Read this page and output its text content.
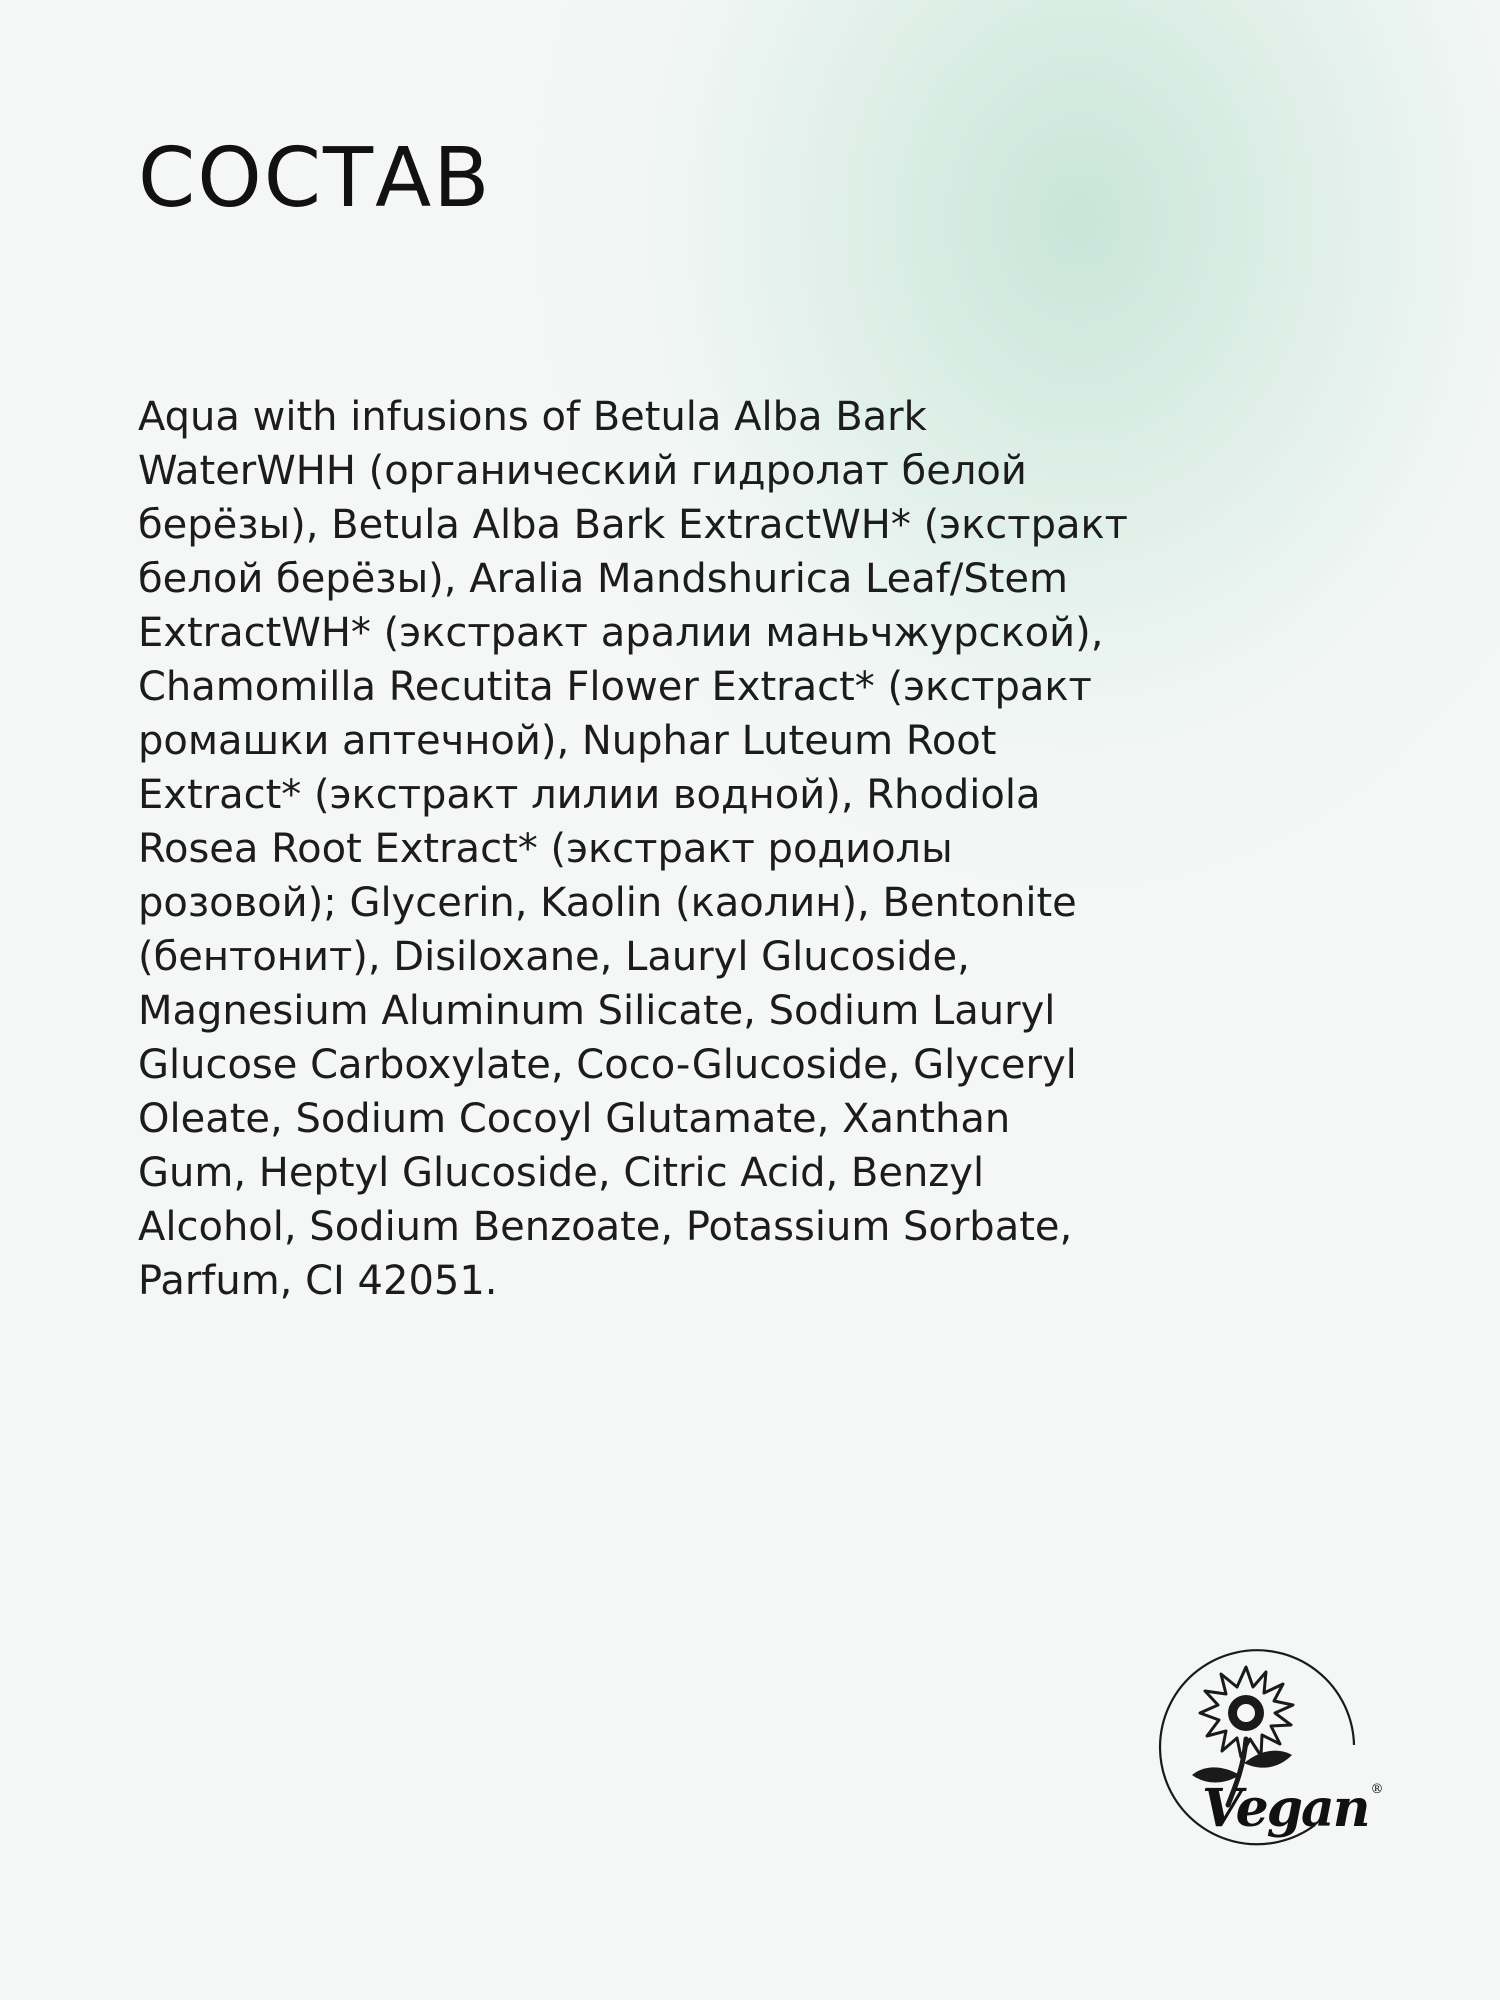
СОСТАВ

Aqua with infusions of Betula Alba Bark
WaterWHH (органический гидролат белой
берёзы), Betula Alba Bark ExtractWH* (экстракт
белой берёзы), Aralia Mandshurica Leaf/Stem
ExtractWH* (экстракт аралии маньчжурской),
Chamomilla Recutita Flower Extract* (экстракт
ромашки аптечной), Nuphar Luteum Root
Extract* (экстракт лилии водной), Rhodiola
Rosea Root Extract* (экстракт родиолы
розовой); Glycerin, Kaolin (каолин), Bentonite
(бентонит), Disiloxane, Lauryl Glucoside,
Magnesium Aluminum Silicate, Sodium Lauryl
Glucose Carboxylate, Coco-Glucoside, Glyceryl
Oleate, Sodium Cocoyl Glutamate, Xanthan
Gum, Heptyl Glucoside, Citric Acid, Benzyl
Alcohol, Sodium Benzoate, Potassium Sorbate,
Parfum, CI 42051.

Vegan ®
